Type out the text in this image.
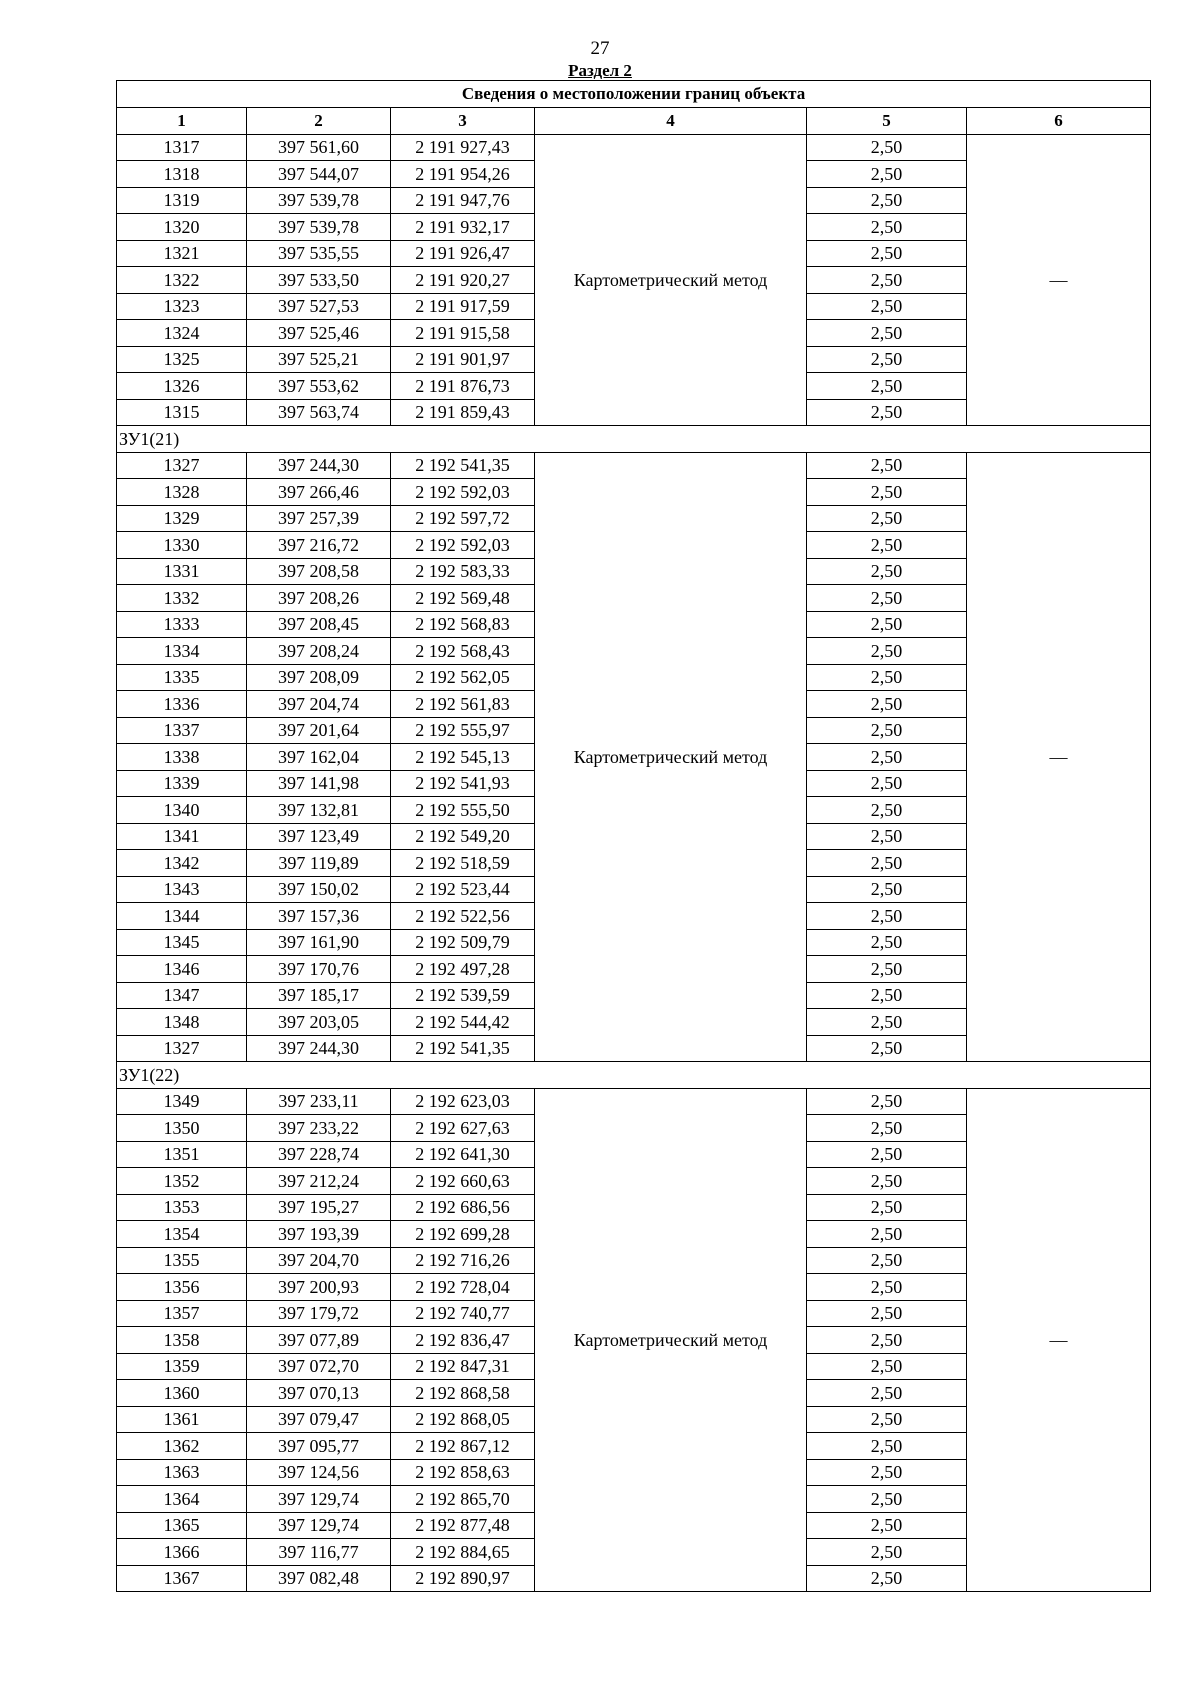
27
Раздел 2
Сведения о местоположении границ объекта					
1	2	3	4	5	6
1317	397 561,60	2 191 927,43	Картометрический метод	2,50	—
1318	397 544,07	2 191 954,26		2,50	
1319	397 539,78	2 191 947,76		2,50	
1320	397 539,78	2 191 932,17		2,50	
1321	397 535,55	2 191 926,47		2,50	
1322	397 533,50	2 191 920,27		2,50	
1323	397 527,53	2 191 917,59		2,50	
1324	397 525,46	2 191 915,58		2,50	
1325	397 525,21	2 191 901,97		2,50	
1326	397 553,62	2 191 876,73		2,50	
1315	397 563,74	2 191 859,43		2,50	
ЗУ1(21)					
1327	397 244,30	2 192 541,35	Картометрический метод	2,50	—
1328	397 266,46	2 192 592,03		2,50	
1329	397 257,39	2 192 597,72		2,50	
1330	397 216,72	2 192 592,03		2,50	
1331	397 208,58	2 192 583,33		2,50	
1332	397 208,26	2 192 569,48		2,50	
1333	397 208,45	2 192 568,83		2,50	
1334	397 208,24	2 192 568,43		2,50	
1335	397 208,09	2 192 562,05		2,50	
1336	397 204,74	2 192 561,83		2,50	
1337	397 201,64	2 192 555,97		2,50	
1338	397 162,04	2 192 545,13		2,50	
1339	397 141,98	2 192 541,93		2,50	
1340	397 132,81	2 192 555,50		2,50	
1341	397 123,49	2 192 549,20		2,50	
1342	397 119,89	2 192 518,59		2,50	
1343	397 150,02	2 192 523,44		2,50	
1344	397 157,36	2 192 522,56		2,50	
1345	397 161,90	2 192 509,79		2,50	
1346	397 170,76	2 192 497,28		2,50	
1347	397 185,17	2 192 539,59		2,50	
1348	397 203,05	2 192 544,42		2,50	
1327	397 244,30	2 192 541,35		2,50	
ЗУ1(22)					
1349	397 233,11	2 192 623,03	Картометрический метод	2,50	—
1350	397 233,22	2 192 627,63		2,50	
1351	397 228,74	2 192 641,30		2,50	
1352	397 212,24	2 192 660,63		2,50	
1353	397 195,27	2 192 686,56		2,50	
1354	397 193,39	2 192 699,28		2,50	
1355	397 204,70	2 192 716,26		2,50	
1356	397 200,93	2 192 728,04		2,50	
1357	397 179,72	2 192 740,77		2,50	
1358	397 077,89	2 192 836,47		2,50	
1359	397 072,70	2 192 847,31		2,50	
1360	397 070,13	2 192 868,58		2,50	
1361	397 079,47	2 192 868,05		2,50	
1362	397 095,77	2 192 867,12		2,50	
1363	397 124,56	2 192 858,63		2,50	
1364	397 129,74	2 192 865,70		2,50	
1365	397 129,74	2 192 877,48		2,50	
1366	397 116,77	2 192 884,65		2,50	
1367	397 082,48	2 192 890,97		2,50	
